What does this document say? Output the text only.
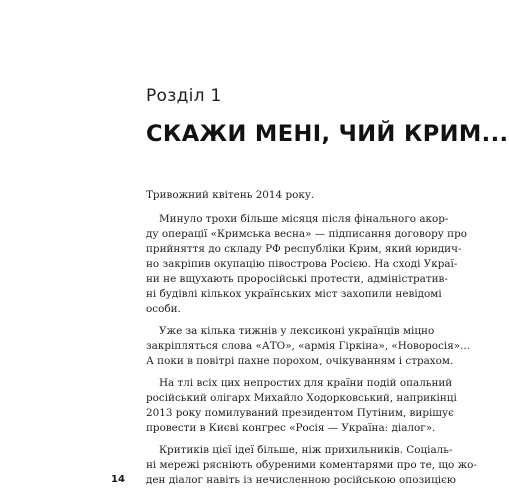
Розділ 1
СКАЖИ МЕНІ, ЧИЙ КРИМ...
Тривожний квітень 2014 року.
Минуло трохи більше місяця після фінального акор-
ду операції «Кримська весна» — підписання договору про
прийняття до складу РФ республіки Крим, який юридич-
но закріпив окупацію півострова Росією. На сході Украї-
ни не вщухають проросійські протести, адміністратив-
ні будівлі кількох українських міст захопили невідомі
особи.
Уже за кілька тижнів у лексиконі українців міцно
закріпляться слова «АТО», «армія Гіркіна», «Новоросія»...
А поки в повітрі пахне порохом, очікуванням і страхом.
На тлі всіх цих непростих для країни подій опальний
російський олігарх Михайло Ходорковський, наприкінці
2013 року помилуваний президентом Путіним, вирішує
провести в Києві конгрес «Росія — Україна: діалог».
Критиків цієї ідеї більше, ніж прихильників. Соціаль-
ні мережі рясніють обуреними коментарями про те, що жо-
ден діалог навіть із нечисленною російською опозицією
14
